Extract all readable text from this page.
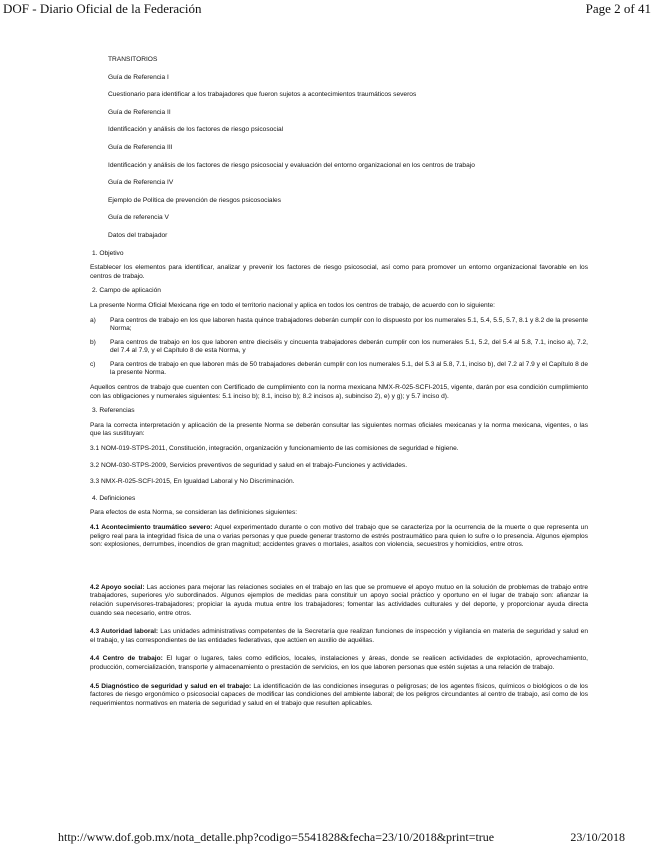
DOF - Diario Oficial de la Federación	Page 2 of 41

TRANSITORIOS

Guía de Referencia I

Cuestionario para identificar a los trabajadores que fueron sujetos a acontecimientos traumáticos severos

Guía de Referencia II

Identificación y análisis de los factores de riesgo psicosocial

Guía de Referencia III

Identificación y análisis de los factores de riesgo psicosocial y evaluación del entorno organizacional en los centros de trabajo

Guía de Referencia IV

Ejemplo de Política de prevención de riesgos psicosociales

Guía de referencia V

Datos del trabajador

1. Objetivo

Establecer los elementos para identificar, analizar y prevenir los factores de riesgo psicosocial, así como para promover un entorno organizacional favorable en los centros de trabajo.

2. Campo de aplicación

La presente Norma Oficial Mexicana rige en todo el territorio nacional y aplica en todos los centros de trabajo, de acuerdo con lo siguiente:

a)	Para centros de trabajo en los que laboren hasta quince trabajadores deberán cumplir con lo dispuesto por los numerales 5.1, 5.4, 5.5, 5.7, 8.1 y 8.2 de la presente Norma;
b)	Para centros de trabajo en los que laboren entre dieciséis y cincuenta trabajadores deberán cumplir con los numerales 5.1, 5.2, del 5.4 al 5.8, 7.1, inciso a), 7.2, del 7.4 al 7.9, y el Capítulo 8 de esta Norma, y
c)	Para centros de trabajo en que laboren más de 50 trabajadores deberán cumplir con los numerales 5.1, del 5.3 al 5.8, 7.1, inciso b), del 7.2 al 7.9 y el Capítulo 8 de la presente Norma.

Aquellos centros de trabajo que cuenten con Certificado de cumplimiento con la norma mexicana NMX-R-025-SCFI-2015, vigente, darán por esa condición cumplimiento con las obligaciones y numerales siguientes: 5.1 inciso b); 8.1, inciso b); 8.2 incisos a), subinciso 2), e) y g); y 5.7 inciso d).

3. Referencias

Para la correcta interpretación y aplicación de la presente Norma se deberán consultar las siguientes normas oficiales mexicanas y la norma mexicana, vigentes, o las que las sustituyan:

3.1 NOM-019-STPS-2011, Constitución, integración, organización y funcionamiento de las comisiones de seguridad e higiene.

3.2 NOM-030-STPS-2009, Servicios preventivos de seguridad y salud en el trabajo-Funciones y actividades.

3.3 NMX-R-025-SCFI-2015, En Igualdad Laboral y No Discriminación.

4. Definiciones

Para efectos de esta Norma, se consideran las definiciones siguientes:

4.1 Acontecimiento traumático severo: Aquel experimentado durante o con motivo del trabajo que se caracteriza por la ocurrencia de la muerte o que representa un peligro real para la integridad física de una o varias personas y que puede generar trastorno de estrés postraumático para quien lo sufre o lo presencia. Algunos ejemplos son: explosiones, derrumbes, incendios de gran magnitud; accidentes graves o mortales, asaltos con violencia, secuestros y homicidios, entre otros.

4.2 Apoyo social: Las acciones para mejorar las relaciones sociales en el trabajo en las que se promueve el apoyo mutuo en la solución de problemas de trabajo entre trabajadores, superiores y/o subordinados. Algunos ejemplos de medidas para constituir un apoyo social práctico y oportuno en el lugar de trabajo son: afianzar la relación supervisores-trabajadores; propiciar la ayuda mutua entre los trabajadores; fomentar las actividades culturales y del deporte, y proporcionar ayuda directa cuando sea necesario, entre otros.

4.3 Autoridad laboral: Las unidades administrativas competentes de la Secretaría que realizan funciones de inspección y vigilancia en materia de seguridad y salud en el trabajo, y las correspondientes de las entidades federativas, que actúen en auxilio de aquéllas.

4.4 Centro de trabajo: El lugar o lugares, tales como edificios, locales, instalaciones y áreas, donde se realicen actividades de explotación, aprovechamiento, producción, comercialización, transporte y almacenamiento o prestación de servicios, en los que laboren personas que estén sujetas a una relación de trabajo.

4.5 Diagnóstico de seguridad y salud en el trabajo: La identificación de las condiciones inseguras o peligrosas; de los agentes físicos, químicos o biológicos o de los factores de riesgo ergonómico o psicosocial capaces de modificar las condiciones del ambiente laboral; de los peligros circundantes al centro de trabajo, así como de los requerimientos normativos en materia de seguridad y salud en el trabajo que resulten aplicables.

http://www.dof.gob.mx/nota_detalle.php?codigo=5541828&fecha=23/10/2018&print=true	23/10/2018
